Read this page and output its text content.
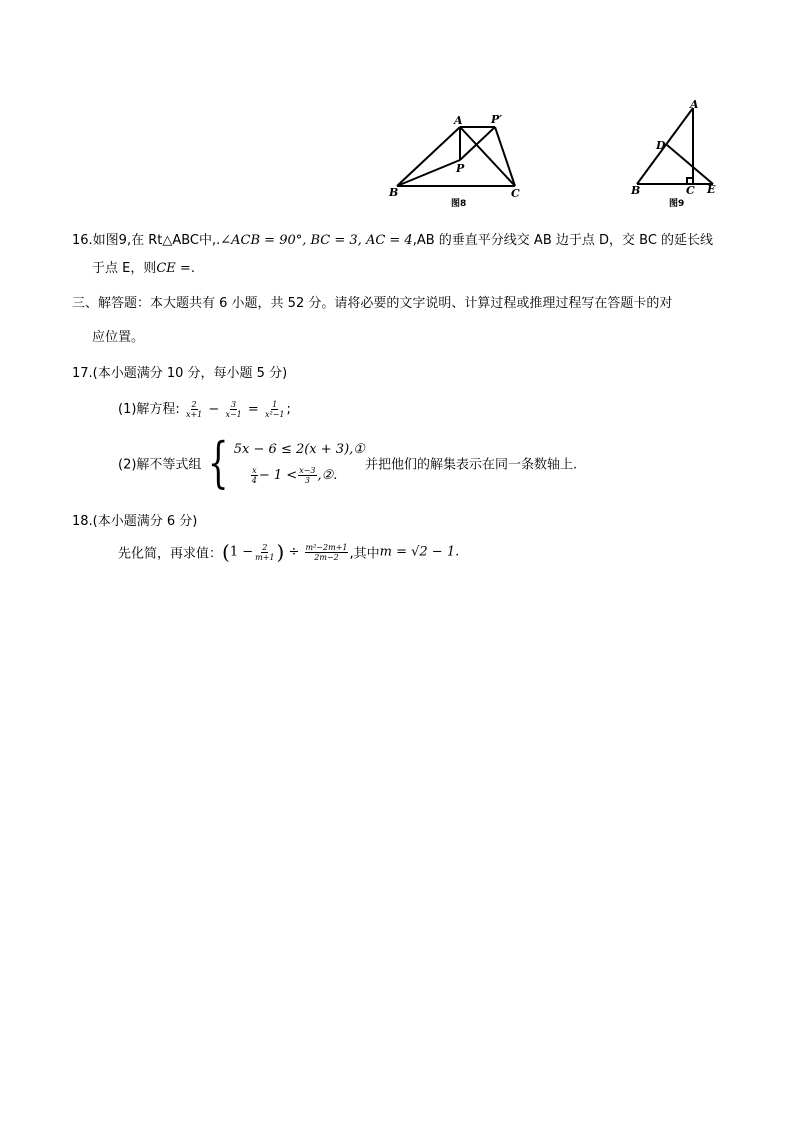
A	P′
P
B	C
图8
A
D
B	C E
图9
16.如图9,在 Rt△ABC中,.∠ACB = 90°, BC = 3, AC = 4,AB 的垂直平分线交 AB 边于点 D，交 BC 的延长线
于点 E，则CE =.
三、解答题：本大题共有 6 小题，共 52 分。请将必要的文字说明、计算过程或推理过程写在答题卡的对
应位置。
17.(本小题满分 10 分，每小题 5 分)
(1)解方程: $\frac{2}{x+1} - \frac{3}{x-1} = \frac{1}{\text{x²−1}}$ ;
(2)解不等式组 { 5x − 6 ≤ 2(x + 3),①
$\frac{x}{4} - 1 < \frac{x-3}{3}$ ,②.
并把他们的解集表示在同一条数轴上.
18.(本小题满分 6 分)
先化简，再求值：($1 - \frac{2}{m+1}$ ) ÷ $\frac{\text{m²−2m+1}}{2m-2}$ ,其中m = √2 − 1.
